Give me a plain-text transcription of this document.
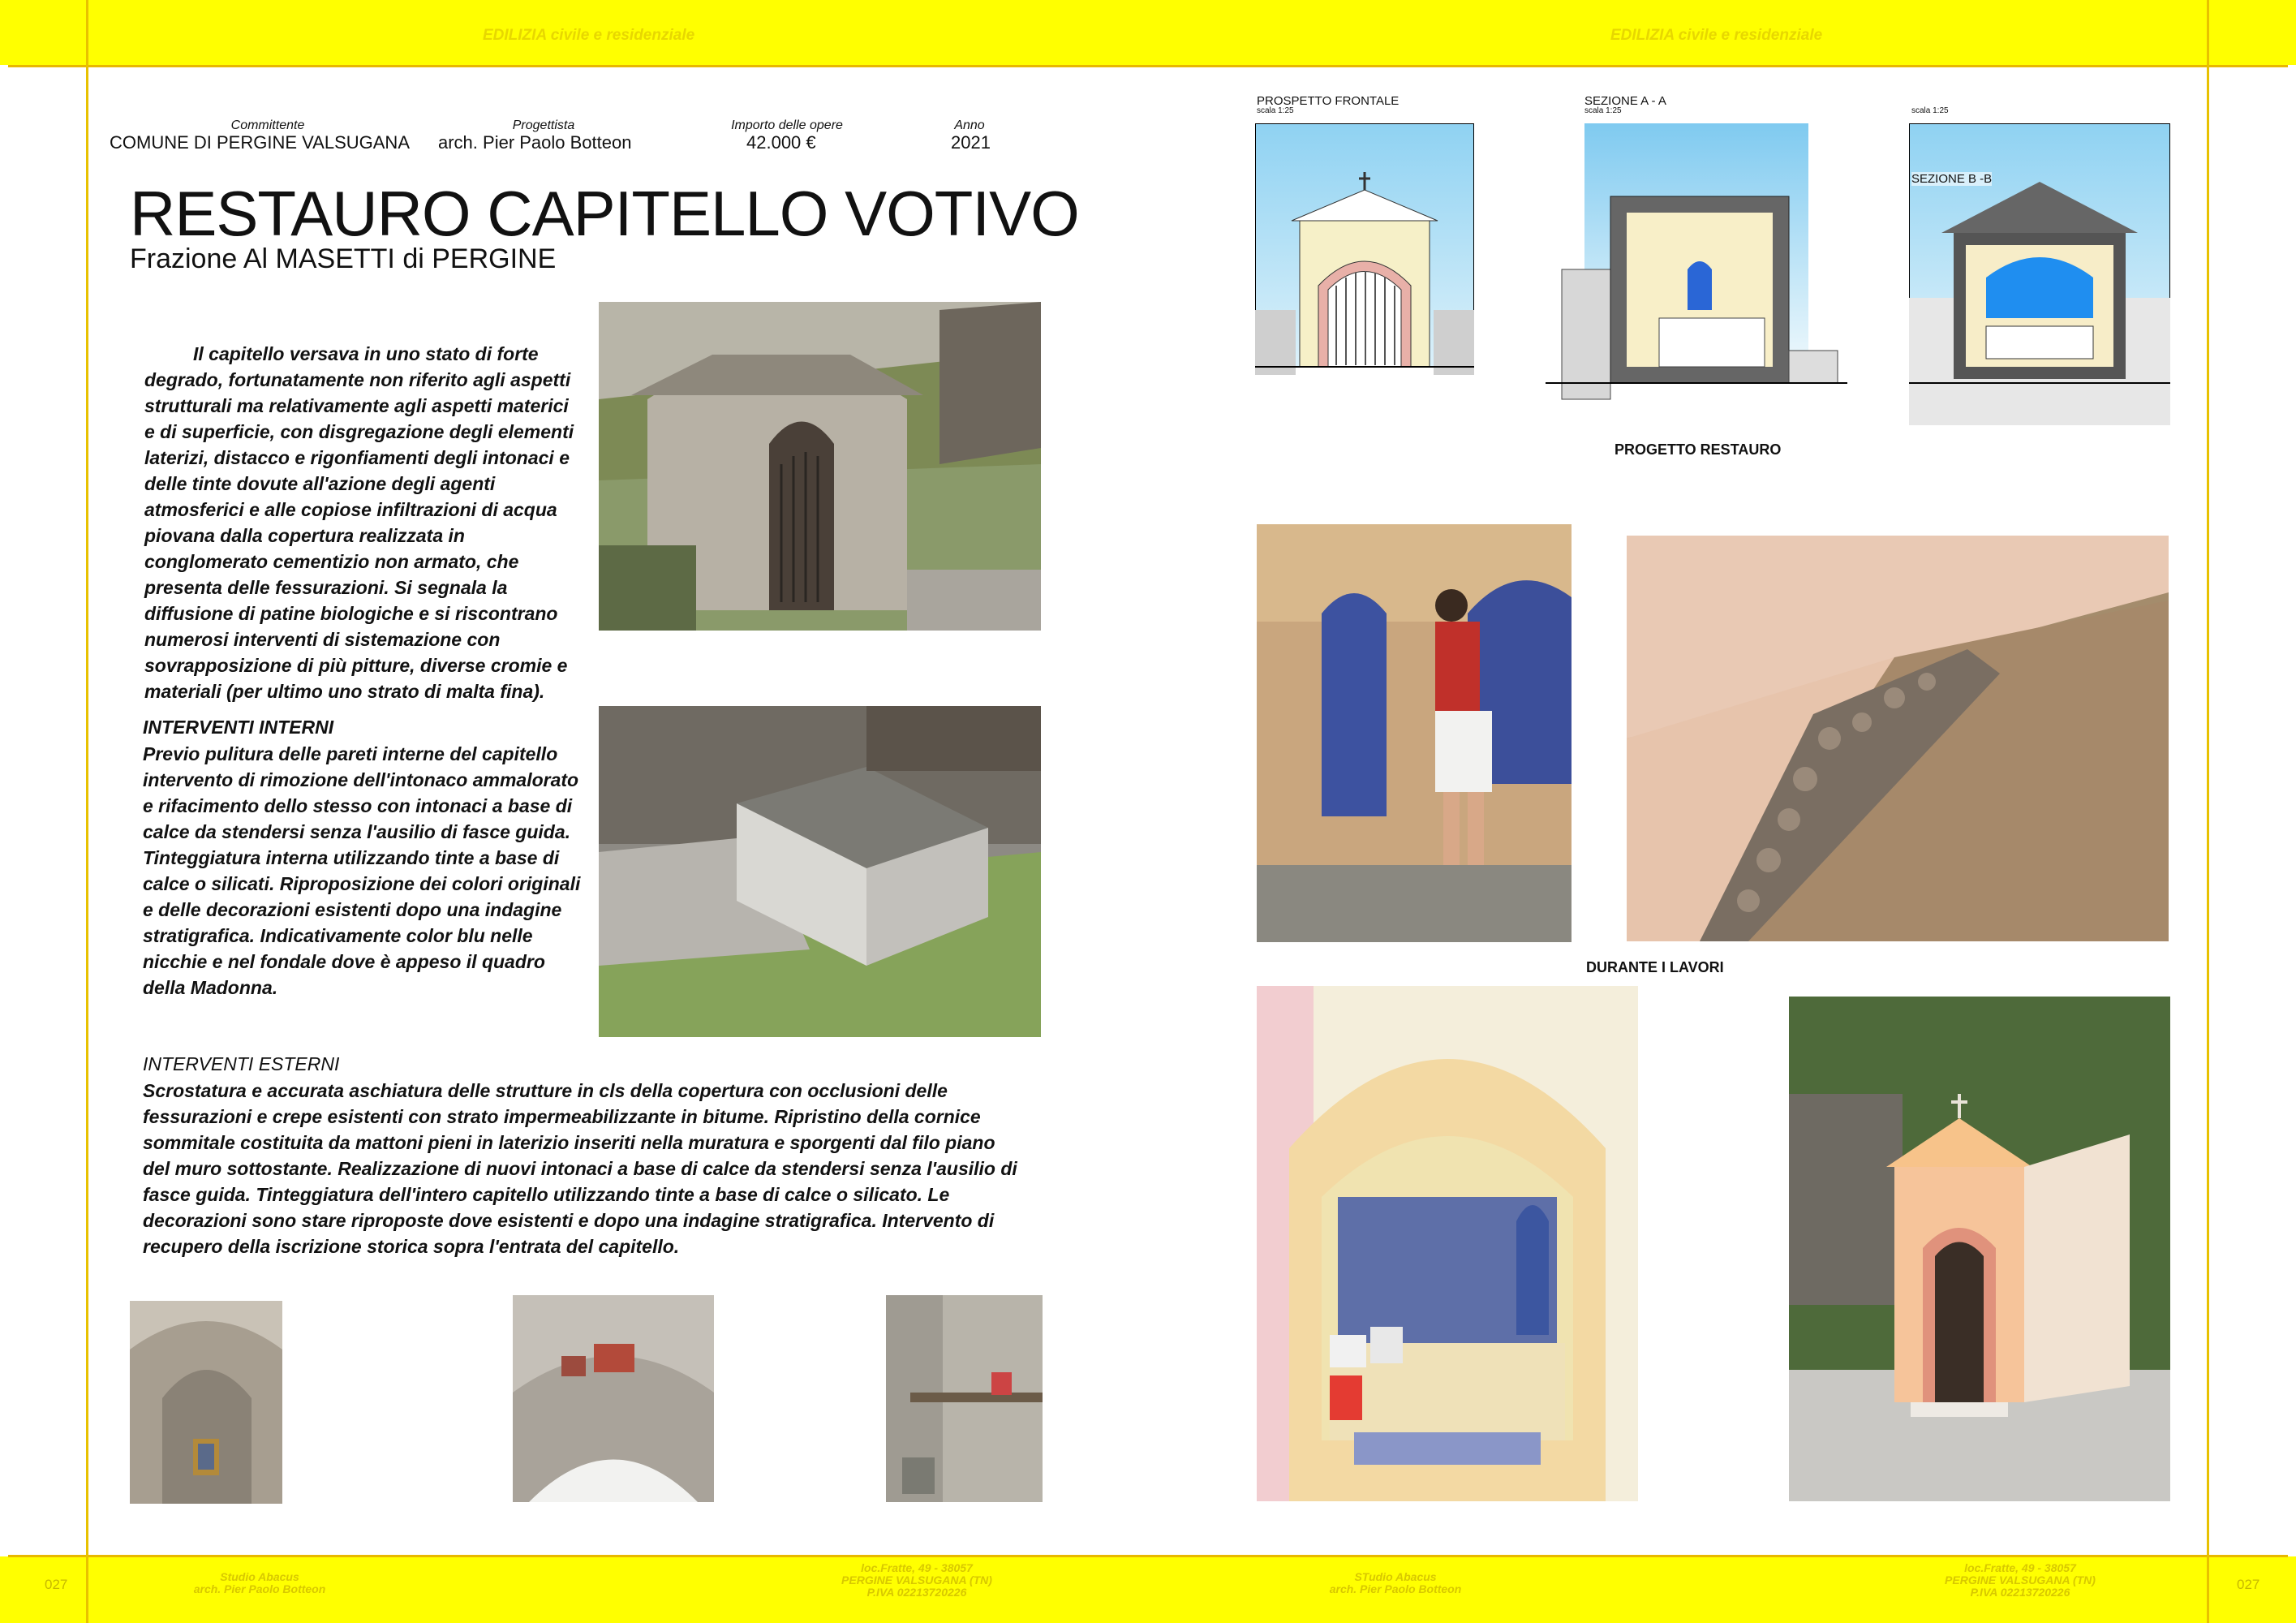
EDILIZIA civile e residenziale	EDILIZIA civile e residenziale
027	027
Studio Abacus
arch. Pier Paolo Botteon
loc.Fratte, 49 - 38057
PERGINE VALSUGANA (TN)
P.IVA 02213720226
STudio Abacus
arch. Pier Paolo Botteon
loc.Fratte, 49 - 38057
PERGINE VALSUGANA (TN)
P.IVA 02213720226
Committente
COMUNE DI PERGINE VALSUGANA
Progettista
arch. Pier Paolo Botteon
Importo delle opere
42.000 €
Anno
2021
RESTAURO CAPITELLO VOTIVO
Frazione Al MASETTI di PERGINE
Il capitello versava in uno stato di forte degrado, fortunatamente non riferito agli aspetti strutturali ma relativamente agli aspetti materici e di superficie, con disgregazione degli elementi laterizi, distacco e rigonfiamenti degli intonaci e delle tinte dovute all'azione degli agenti atmosferici e alle copiose infiltrazioni di acqua piovana dalla copertura realizzata in conglomerato cementizio non armato, che presenta delle fessurazioni. Si segnala la diffusione di patine biologiche e si riscontrano numerosi interventi di sistemazione con sovrapposizione di più pitture, diverse cromie e materiali (per ultimo uno strato di malta fina).
INTERVENTI INTERNI
Previo pulitura delle pareti interne del capitello intervento di rimozione dell'intonaco ammalorato e rifacimento dello stesso con intonaci a base di calce da stendersi senza l'ausilio di fasce guida. Tinteggiatura interna utilizzando tinte a base di calce o silicati. Riproposizione dei colori originali e delle decorazioni esistenti dopo una indagine stratigrafica. Indicativamente color blu nelle nicchie e nel fondale dove è appeso il quadro della Madonna.
INTERVENTI ESTERNI
Scrostatura e accurata aschiatura delle strutture in cls della copertura con occlusioni delle fessurazioni e crepe esistenti con strato impermeabilizzante in bitume. Ripristino della cornice sommitale costituita da mattoni pieni in laterizio inseriti nella muratura e sporgenti dal filo piano del muro sottostante. Realizzazione di nuovi intonaci a base di calce da stendersi senza l'ausilio di fasce guida. Tinteggiatura dell'intero capitello utilizzando tinte a base di calce o silicato. Le decorazioni sono stare riproposte dove esistenti e dopo una indagine stratigrafica. Intervento di recupero della iscrizione storica sopra l'entrata del capitello.
PROSPETTO FRONTALE
scala 1:25
SEZIONE A - A
scala 1:25	scala 1:25
SEZIONE B -B
PROGETTO RESTAURO
DURANTE I LAVORI
